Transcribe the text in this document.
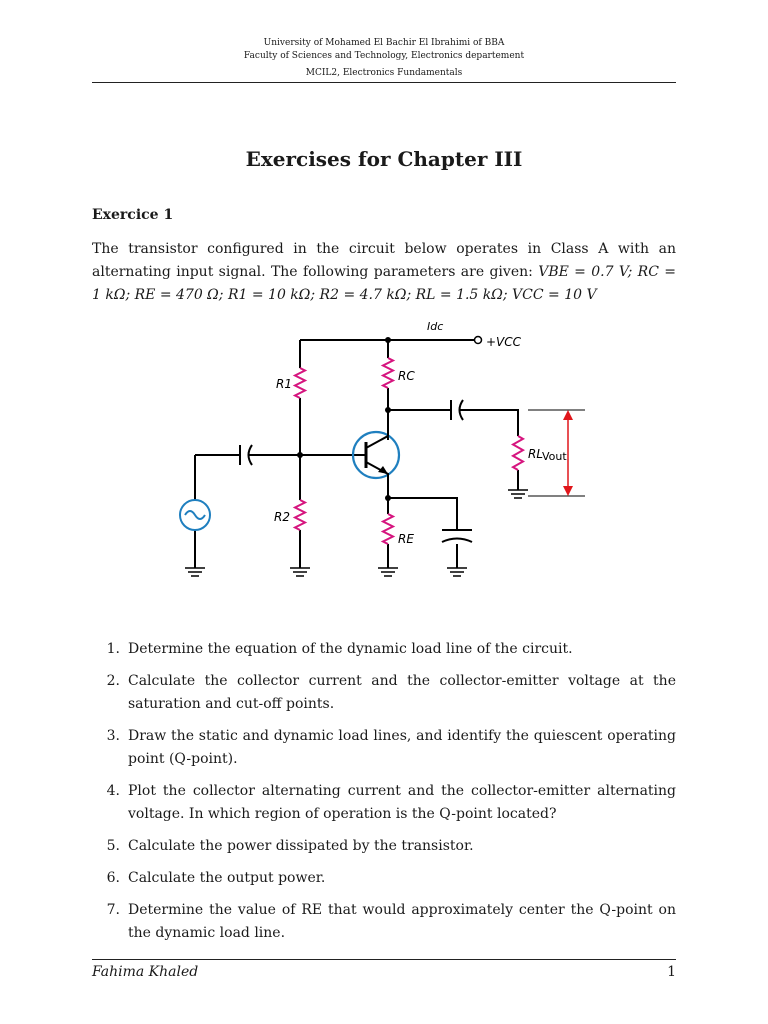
University of Mohamed El Bachir El Ibrahimi of BBA
Faculty of Sciences and Technology, Electronics departement
MCIL2, Electronics Fundamentals
Exercises for Chapter III
Exercice 1
The transistor configured in the circuit below operates in Class A with an alternating input signal. The following parameters are given: VBE = 0.7 V; RC = 1 kΩ; RE = 470 Ω; R1 = 10 kΩ; R2 = 4.7 kΩ; RL = 1.5 kΩ; VCC = 10 V
Idc
+VCC
R1
R2
RC
RE
RL
Vout
1. Determine the equation of the dynamic load line of the circuit.
2. Calculate the collector current and the collector-emitter voltage at the saturation and cut-off points.
3. Draw the static and dynamic load lines, and identify the quiescent operating point (Q-point).
4. Plot the collector alternating current and the collector-emitter alternating voltage. In which region of operation is the Q-point located?
5. Calculate the power dissipated by the transistor.
6. Calculate the output power.
7. Determine the value of RE that would approximately center the Q-point on the dynamic load line.
Fahima Khaled	1
